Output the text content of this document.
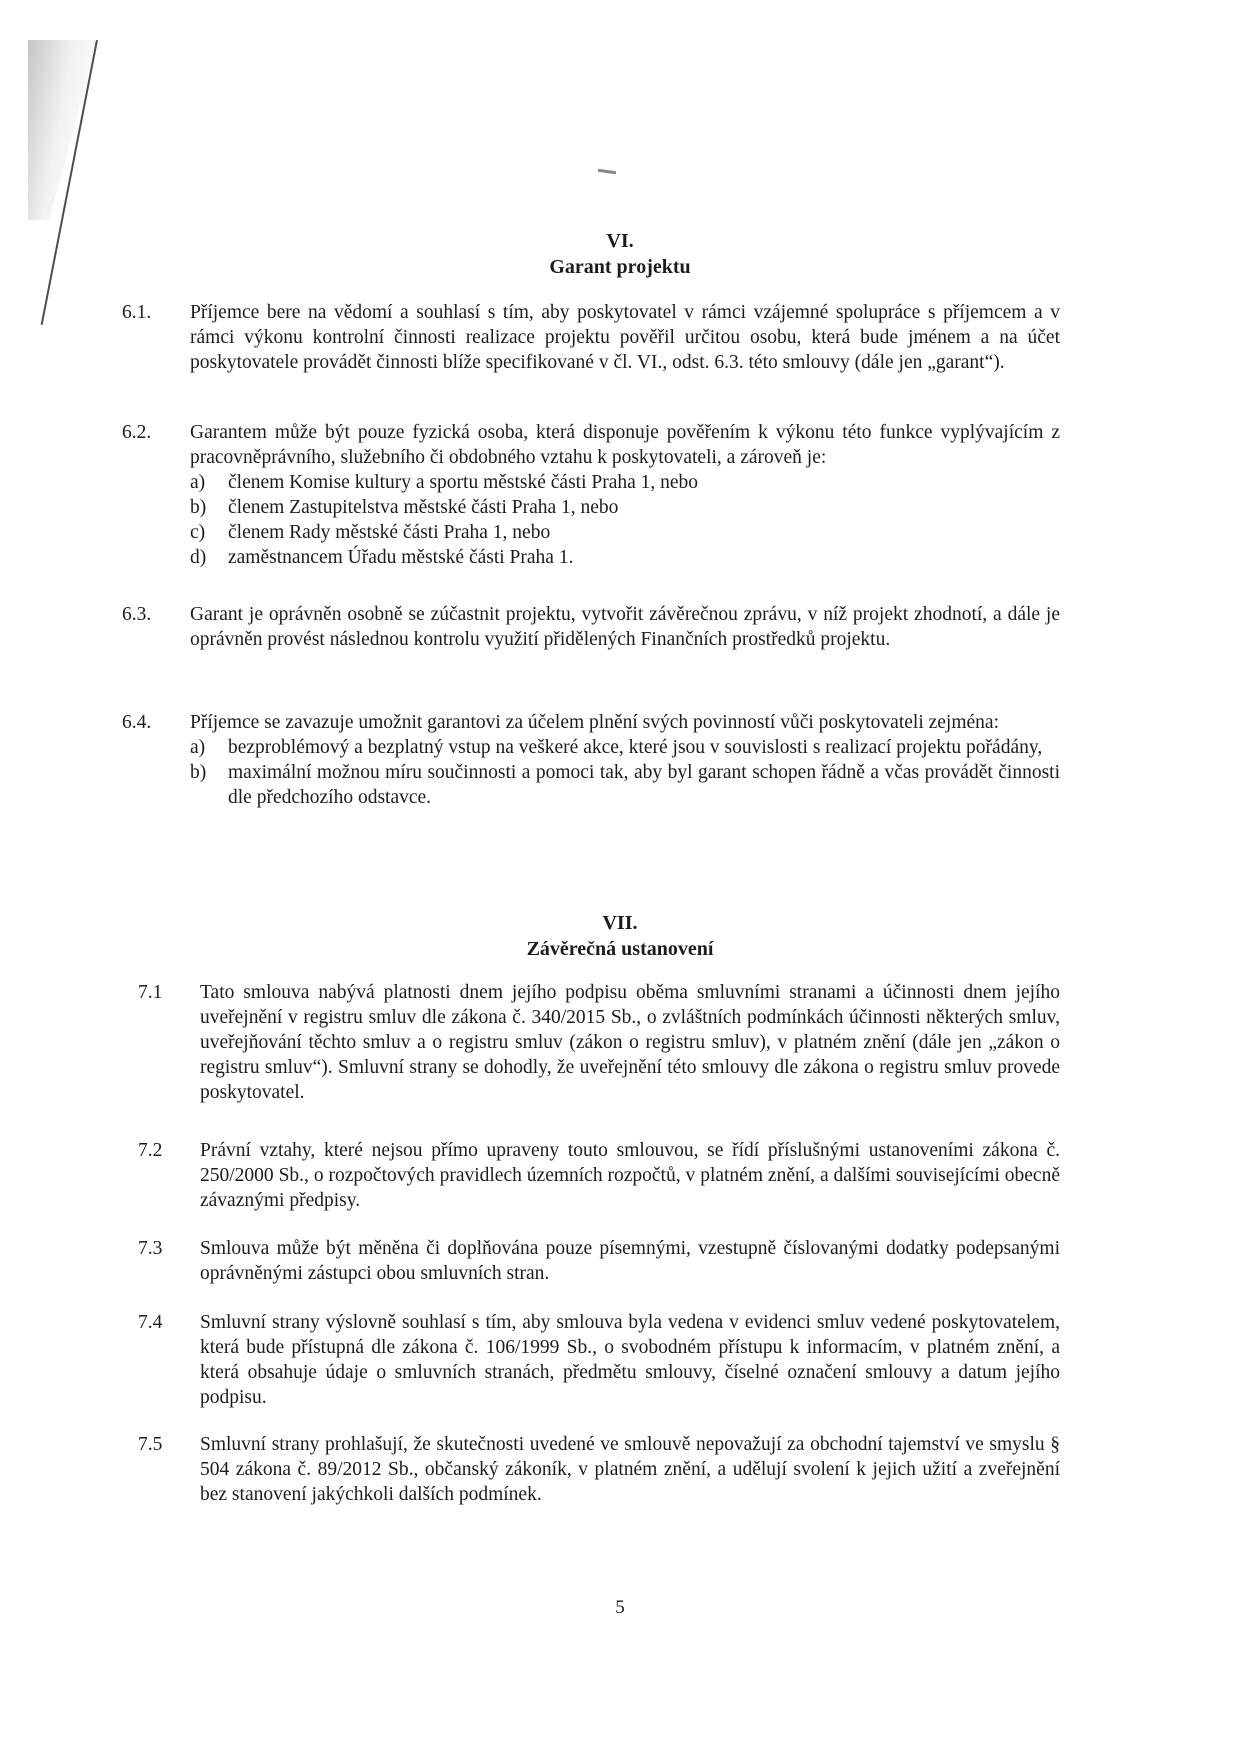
VI.
Garant projektu
6.1. Příjemce bere na vědomí a souhlasí s tím, aby poskytovatel v rámci vzájemné spolupráce s příjemcem a v rámci výkonu kontrolní činnosti realizace projektu pověřil určitou osobu, která bude jménem a na účet poskytovatele provádět činnosti blíže specifikované v čl. VI., odst. 6.3. této smlouvy (dále jen „garant“).
6.2. Garantem může být pouze fyzická osoba, která disponuje pověřením k výkonu této funkce vyplývajícím z pracovněprávního, služebního či obdobného vztahu k poskytovateli, a zároveň je:
a) členem Komise kultury a sportu městské části Praha 1, nebo
b) členem Zastupitelstva městské části Praha 1, nebo
c) členem Rady městské části Praha 1, nebo
d) zaměstnancem Úřadu městské části Praha 1.
6.3. Garant je oprávněn osobně se zúčastnit projektu, vytvořit závěrečnou zprávu, v níž projekt zhodnotí, a dále je oprávněn provést následnou kontrolu využití přidělených Finančních prostředků projektu.
6.4. Příjemce se zavazuje umožnit garantovi za účelem plnění svých povinností vůči poskytovateli zejména:
a) bezproblémový a bezplatný vstup na veškeré akce, které jsou v souvislosti s realizací projektu pořádány,
b) maximální možnou míru součinnosti a pomoci tak, aby byl garant schopen řádně a včas provádět činnosti dle předchozího odstavce.
VII.
Závěrečná ustanovení
7.1 Tato smlouva nabývá platnosti dnem jejího podpisu oběma smluvními stranami a účinnosti dnem jejího uveřejnění v registru smluv dle zákona č. 340/2015 Sb., o zvláštních podmínkách účinnosti některých smluv, uveřejňování těchto smluv a o registru smluv (zákon o registru smluv), v platném znění (dále jen „zákon o registru smluv“). Smluvní strany se dohodly, že uveřejnění této smlouvy dle zákona o registru smluv provede poskytovatel.
7.2 Právní vztahy, které nejsou přímo upraveny touto smlouvou, se řídí příslušnými ustanoveními zákona č. 250/2000 Sb., o rozpočtových pravidlech územních rozpočtů, v platném znění, a dalšími souvisejícími obecně závaznými předpisy.
7.3 Smlouva může být měněna či doplňována pouze písemnými, vzestupně číslovanými dodatky podepsanými oprávněnými zástupci obou smluvních stran.
7.4 Smluvní strany výslovně souhlasí s tím, aby smlouva byla vedena v evidenci smluv vedené poskytovatelem, která bude přístupná dle zákona č. 106/1999 Sb., o svobodném přístupu k informacím, v platném znění, a která obsahuje údaje o smluvních stranách, předmětu smlouvy, číselné označení smlouvy a datum jejího podpisu.
7.5 Smluvní strany prohlašují, že skutečnosti uvedené ve smlouvě nepovažují za obchodní tajemství ve smyslu § 504 zákona č. 89/2012 Sb., občanský zákoník, v platném znění, a udělují svolení k jejich užití a zveřejnění bez stanovení jakýchkoli dalších podmínek.
5
